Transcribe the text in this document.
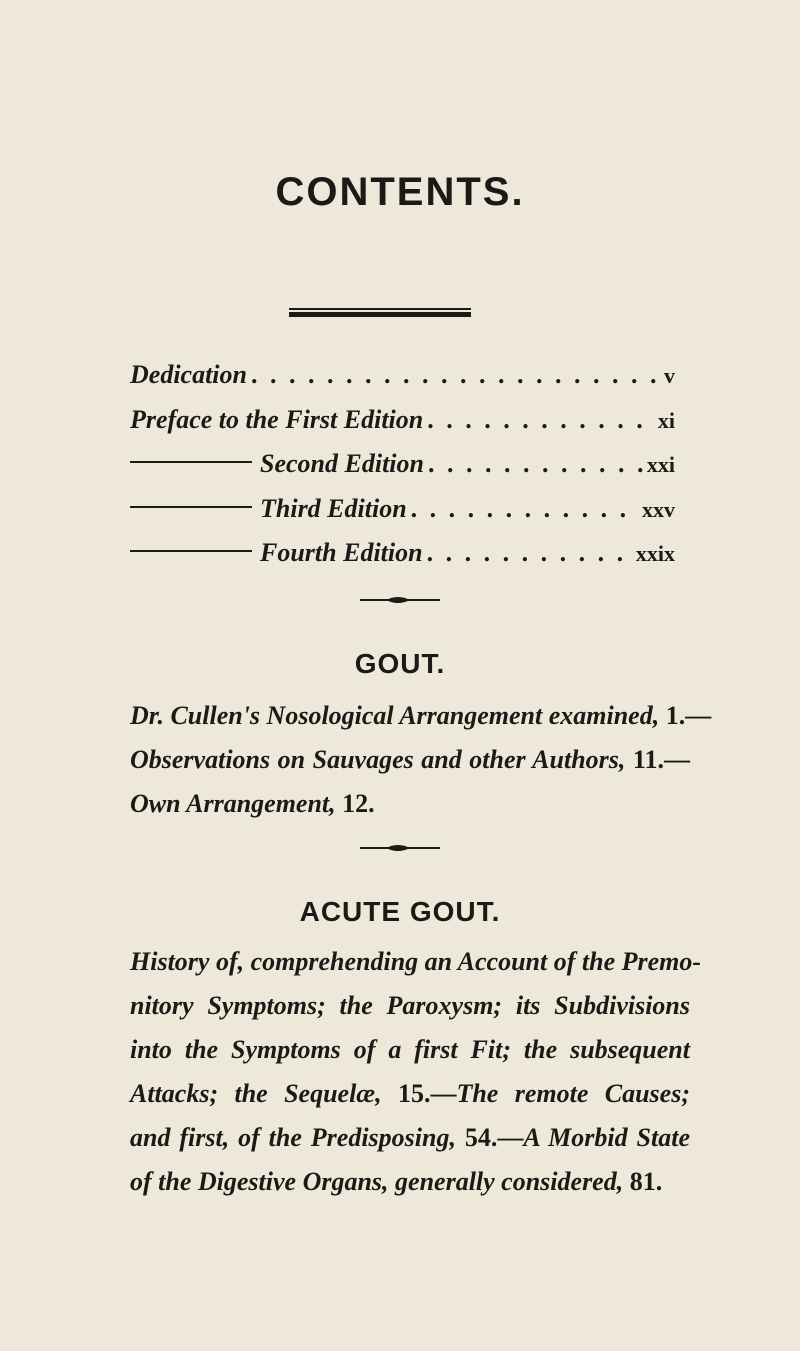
CONTENTS.
Dedication . . .	v
Preface to the First Edition . . .	xi
Second Edition . . .	xxi
Third Edition . . .	xxv
Fourth Edition . . .	xxix
GOUT.
Dr. Cullen's Nosological Arrangement examined, 1.—
Observations on Sauvages and other Authors, 11.—
Own Arrangement, 12.
ACUTE GOUT.
History of, comprehending an Account of the Premo-
nitory Symptoms; the Paroxysm; its Subdivisions
into the Symptoms of a first Fit; the subsequent
Attacks; the Sequelæ, 15.—The remote Causes;
and first, of the Predisposing, 54.—A Morbid State
of the Digestive Organs, generally considered, 81.
